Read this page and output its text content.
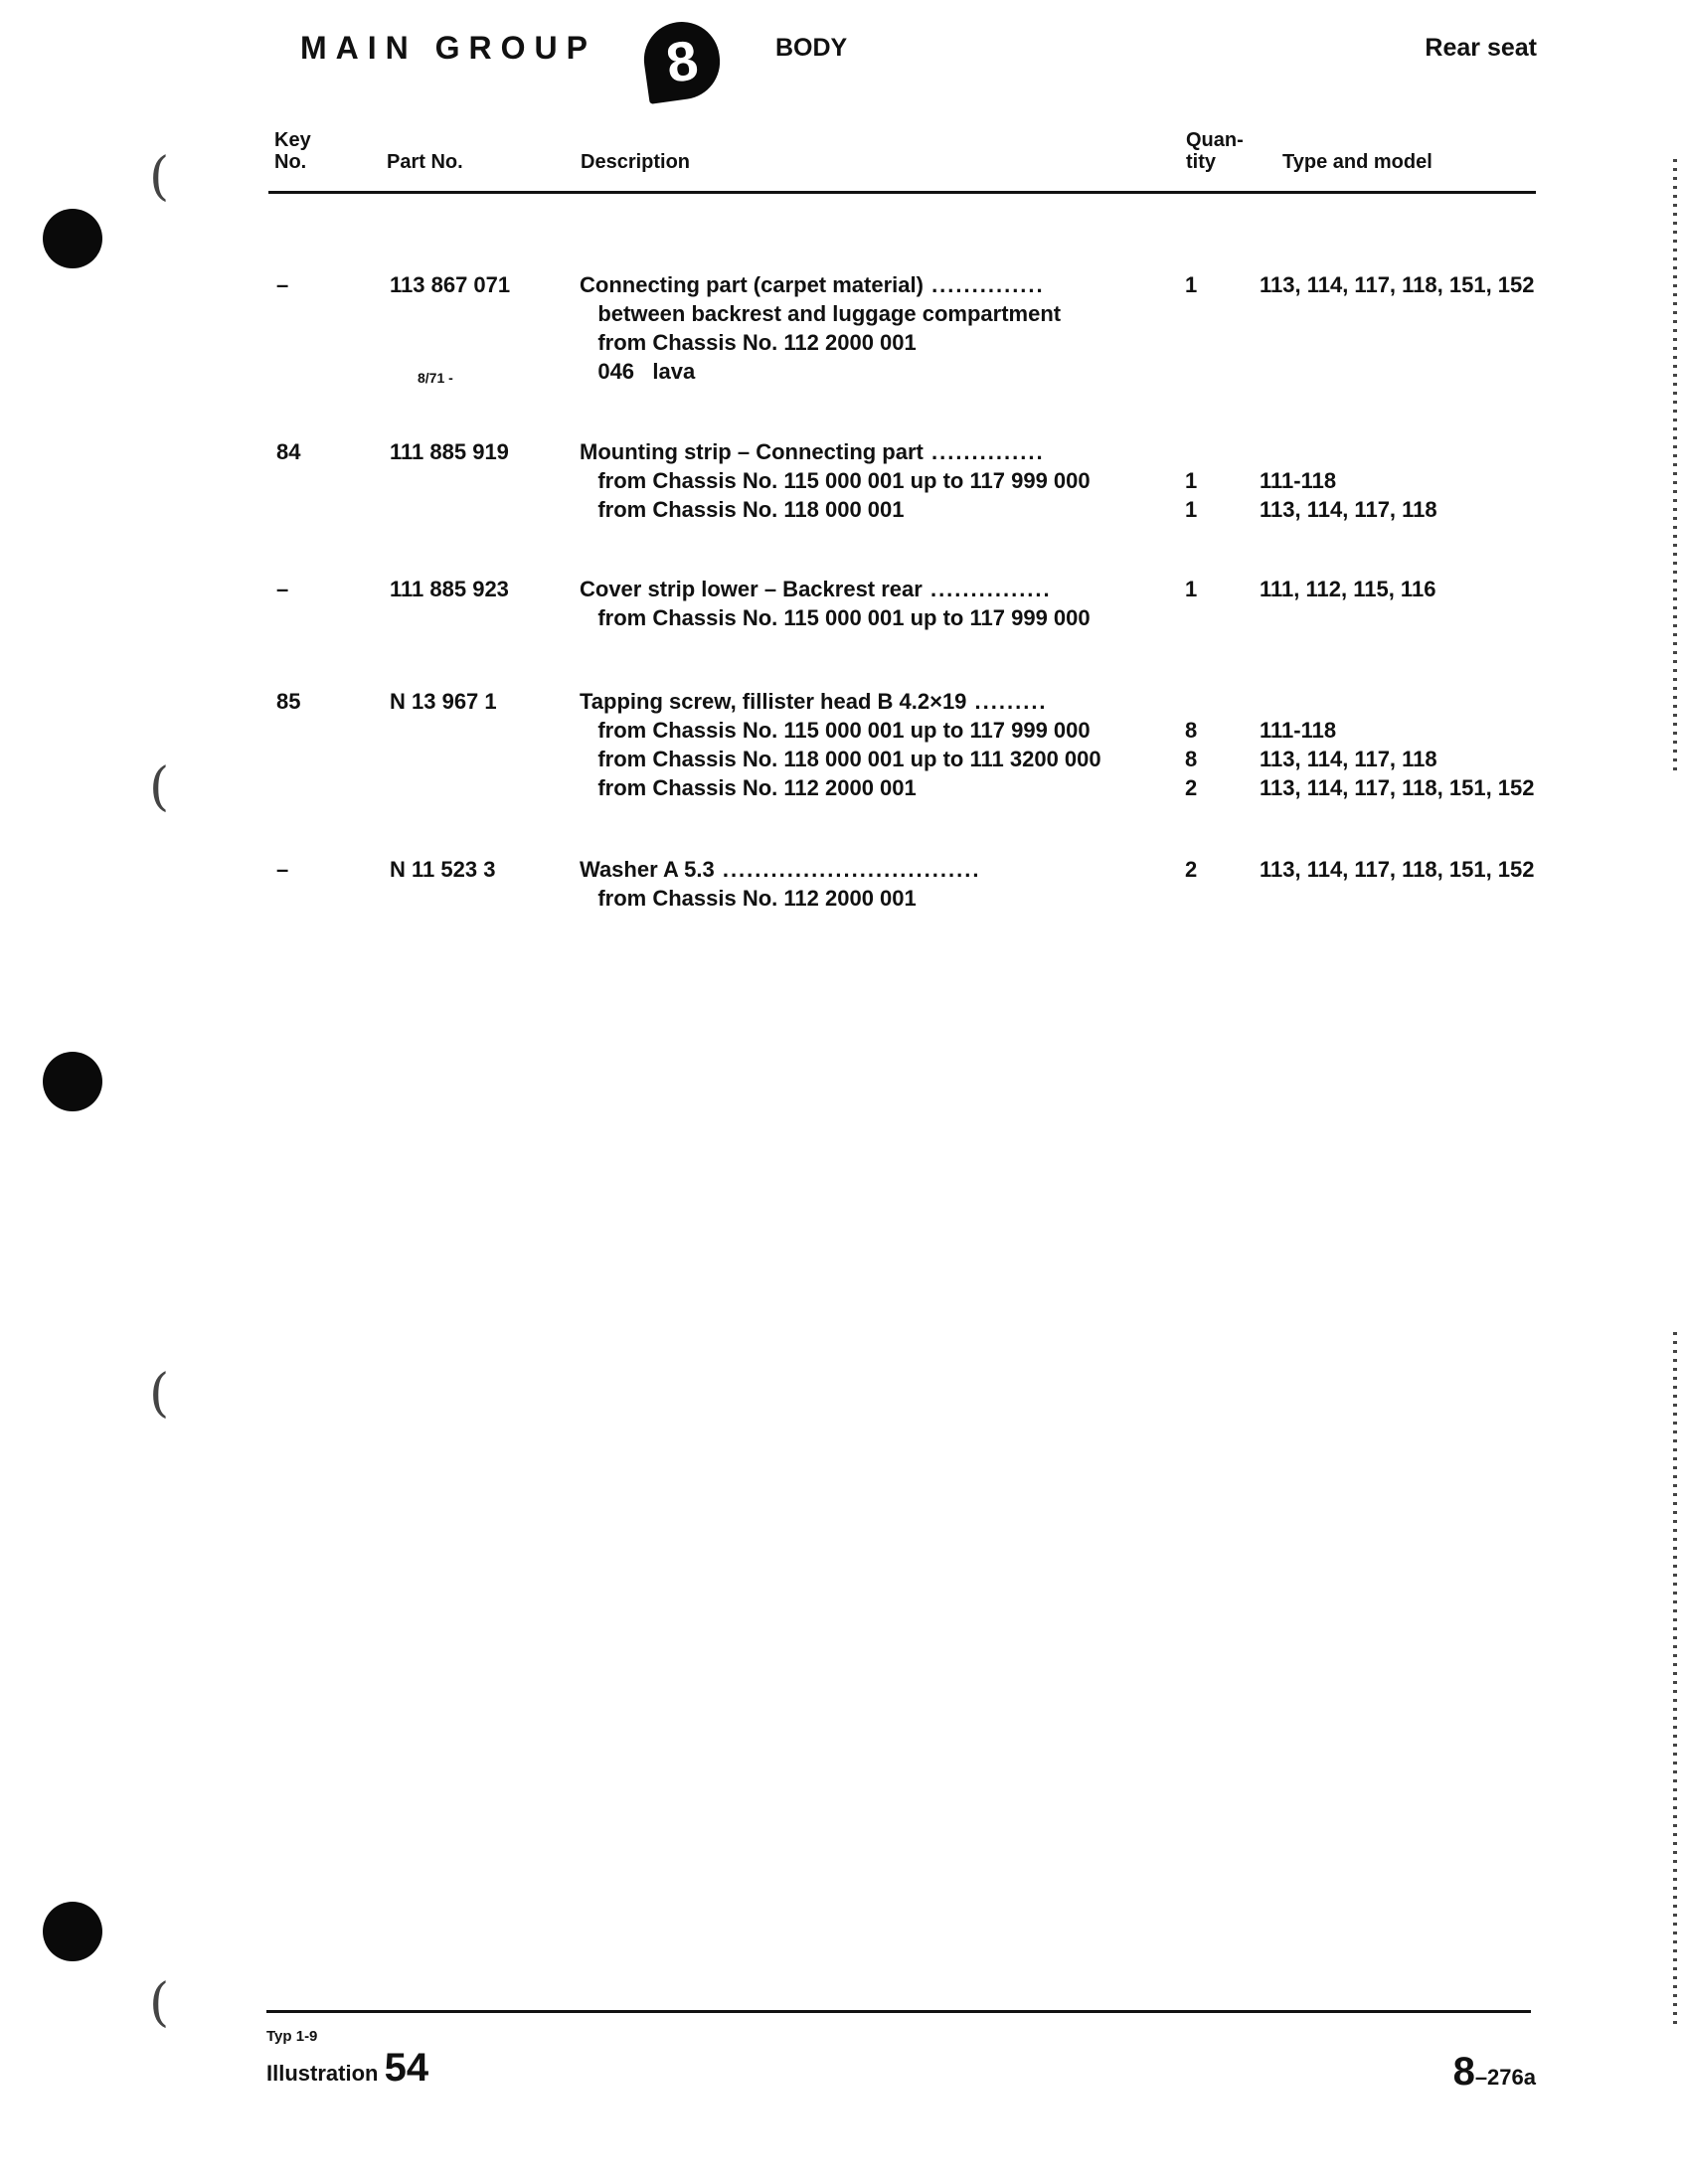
(
(
(
(
MAIN GROUP 8	BODY	Rear seat
Key
No.	Part No.	Description
Quan-
tity	Type and model
–	113 867 071	Connecting part (carpet material) ..............	1	113, 114, 117, 118, 151, 152
between backrest and luggage compartment
from Chassis No. 112 2000 001
8/71 -	046   lava
84	111 885 919	Mounting strip – Connecting part ..............
from Chassis No. 115 000 001 up to 117 999 000	1	111-118
from Chassis No. 118 000 001	1	113, 114, 117, 118
–	111 885 923	Cover strip lower – Backrest rear ...............	1	111, 112, 115, 116
from Chassis No. 115 000 001 up to 117 999 000
85	N 13 967 1	Tapping screw, fillister head B 4.2×19 .........
from Chassis No. 115 000 001 up to 117 999 000	8	111-118
from Chassis No. 118 000 001 up to 111 3200 000	8	113, 114, 117, 118
from Chassis No. 112 2000 001	2	113, 114, 117, 118, 151, 152
–	N 11 523 3	Washer A 5.3 ................................	2	113, 114, 117, 118, 151, 152
from Chassis No. 112 2000 001
Typ 1-9
Illustration 54	8–276a
